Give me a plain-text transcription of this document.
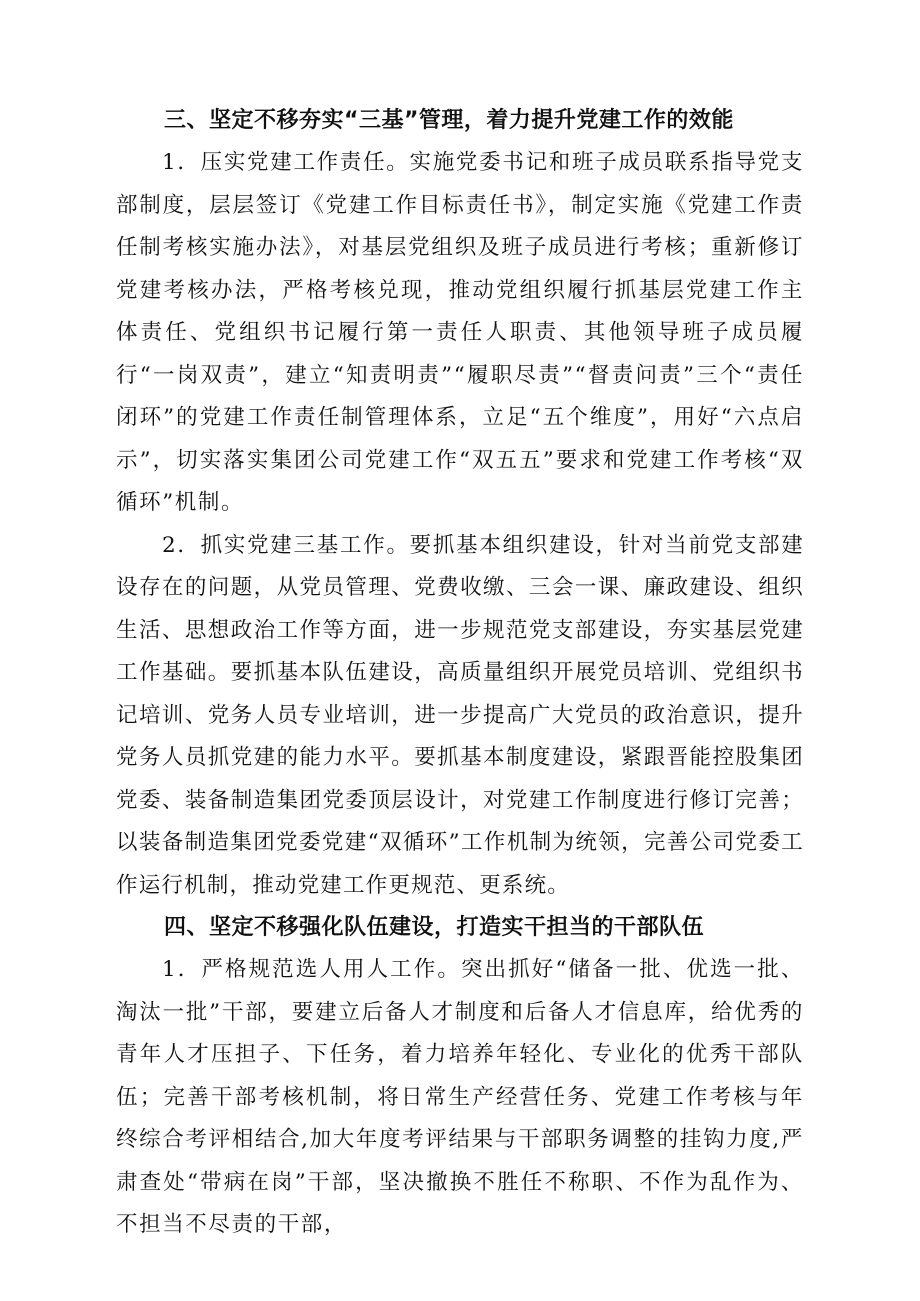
三、坚定不移夯实“三基”管理，着力提升党建工作的效能

1．压实党建工作责任。实施党委书记和班子成员联系指导党支部制度，层层签订《党建工作目标责任书》，制定实施《党建工作责任制考核实施办法》，对基层党组织及班子成员进行考核；重新修订党建考核办法，严格考核兑现，推动党组织履行抓基层党建工作主体责任、党组织书记履行第一责任人职责、其他领导班子成员履行“一岗双责”，建立“知责明责”“履职尽责”“督责问责”三个“责任闭环”的党建工作责任制管理体系，立足“五个维度”，用好“六点启示”，切实落实集团公司党建工作“双五五”要求和党建工作考核“双循环”机制。

2．抓实党建三基工作。要抓基本组织建设，针对当前党支部建设存在的问题，从党员管理、党费收缴、三会一课、廉政建设、组织生活、思想政治工作等方面，进一步规范党支部建设，夯实基层党建工作基础。要抓基本队伍建设，高质量组织开展党员培训、党组织书记培训、党务人员专业培训，进一步提高广大党员的政治意识，提升党务人员抓党建的能力水平。要抓基本制度建设，紧跟晋能控股集团党委、装备制造集团党委顶层设计，对党建工作制度进行修订完善；以装备制造集团党委党建“双循环”工作机制为统领，完善公司党委工作运行机制，推动党建工作更规范、更系统。

四、坚定不移强化队伍建设，打造实干担当的干部队伍

1．严格规范选人用人工作。突出抓好“储备一批、优选一批、淘汰一批”干部，要建立后备人才制度和后备人才信息库，给优秀的青年人才压担子、下任务，着力培养年轻化、专业化的优秀干部队伍；完善干部考核机制，将日常生产经营任务、党建工作考核与年终综合考评相结合,加大年度考评结果与干部职务调整的挂钩力度,严肃查处“带病在岗”干部，坚决撤换不胜任不称职、不作为乱作为、不担当不尽责的干部，
